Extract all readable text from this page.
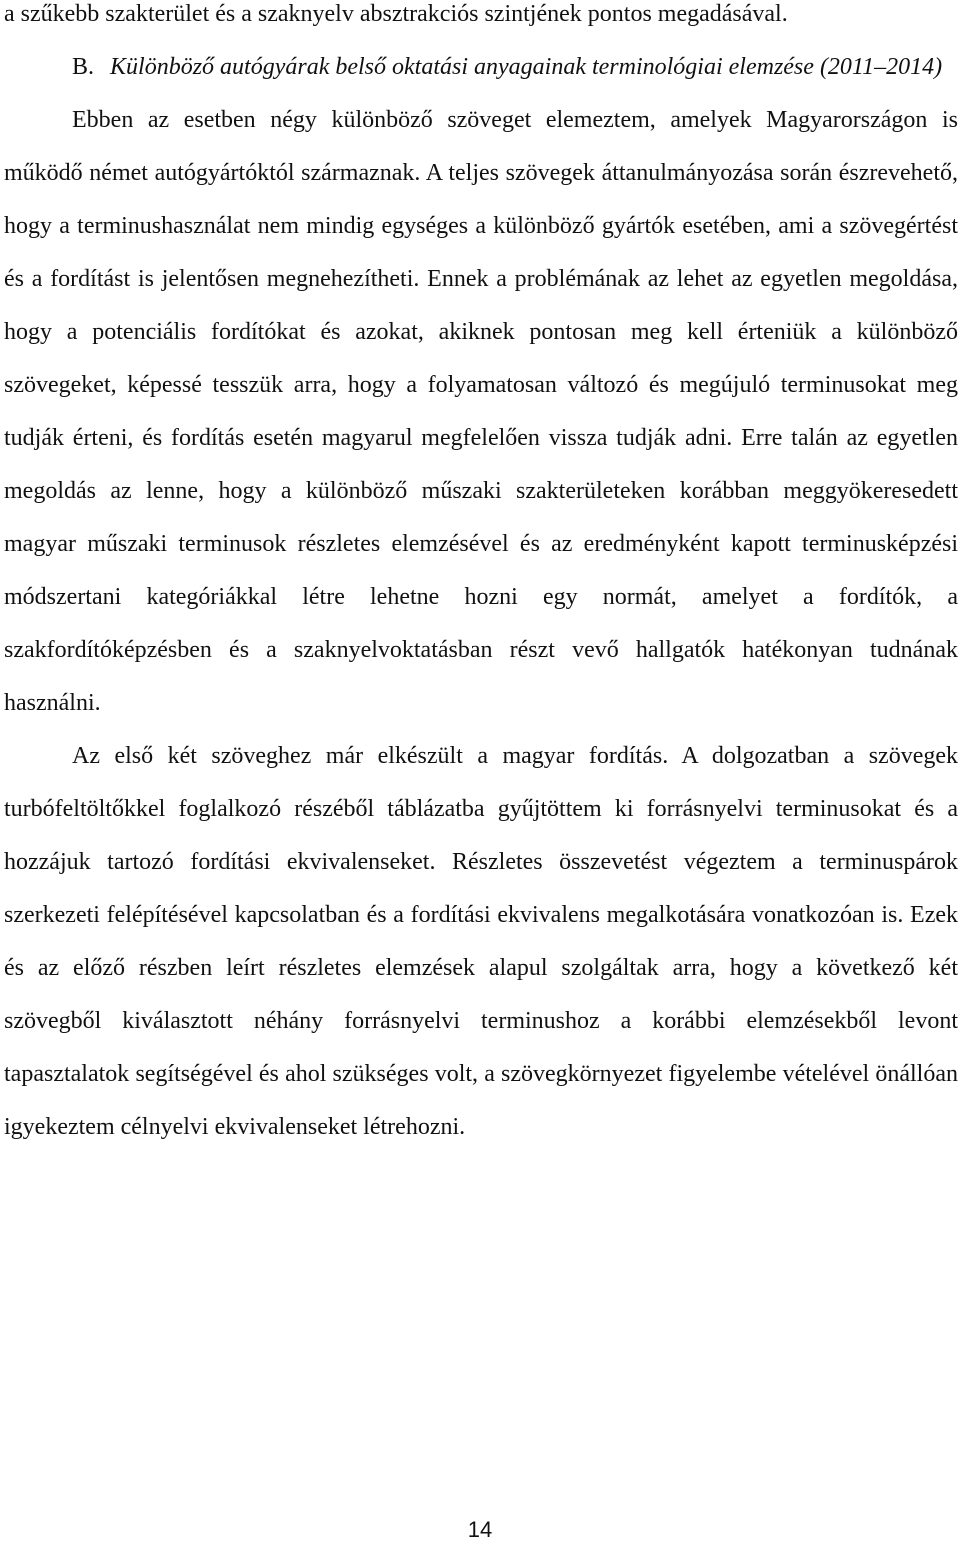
a szűkebb szakterület és a szaknyelv absztrakciós szintjének pontos megadásával.

B. Különböző autógyárak belső oktatási anyagainak terminológiai elemzése (2011–2014)

Ebben az esetben négy különböző szöveget elemeztem, amelyek Magyarországon is működő német autógyártóktól származnak. A teljes szövegek áttanulmányozása során észrevehető, hogy a terminushasználat nem mindig egységes a különböző gyártók esetében, ami a szövegértést és a fordítást is jelentősen megnehezítheti. Ennek a problémának az lehet az egyetlen megoldása, hogy a potenciális fordítókat és azokat, akiknek pontosan meg kell érteniük a különböző szövegeket, képessé tesszük arra, hogy a folyamatosan változó és megújuló terminusokat meg tudják érteni, és fordítás esetén magyarul megfelelően vissza tudják adni. Erre talán az egyetlen megoldás az lenne, hogy a különböző műszaki szakterületeken korábban meggyökeresedett magyar műszaki terminusok részletes elemzésével és az eredményként kapott terminusképzési módszertani kategóriákkal létre lehetne hozni egy normát, amelyet a fordítók, a szakfordítóképzésben és a szaknyelvoktatásban részt vevő hallgatók hatékonyan tudnának használni.

Az első két szöveghez már elkészült a magyar fordítás. A dolgozatban a szövegek turbófeltöltőkkel foglalkozó részéből táblázatba gyűjtöttem ki forrásnyelvi terminusokat és a hozzájuk tartozó fordítási ekvivalenseket. Részletes összevetést végeztem a terminuspárok szerkezeti felépítésével kapcsolatban és a fordítási ekvivalens megalkotására vonatkozóan is. Ezek és az előző részben leírt részletes elemzések alapul szolgáltak arra, hogy a következő két szövegből kiválasztott néhány forrásnyelvi terminushoz a korábbi elemzésekből levont tapasztalatok segítségével és ahol szükséges volt, a szövegkörnyezet figyelembe vételével önállóan igyekeztem célnyelvi ekvivalenseket létrehozni.

14
